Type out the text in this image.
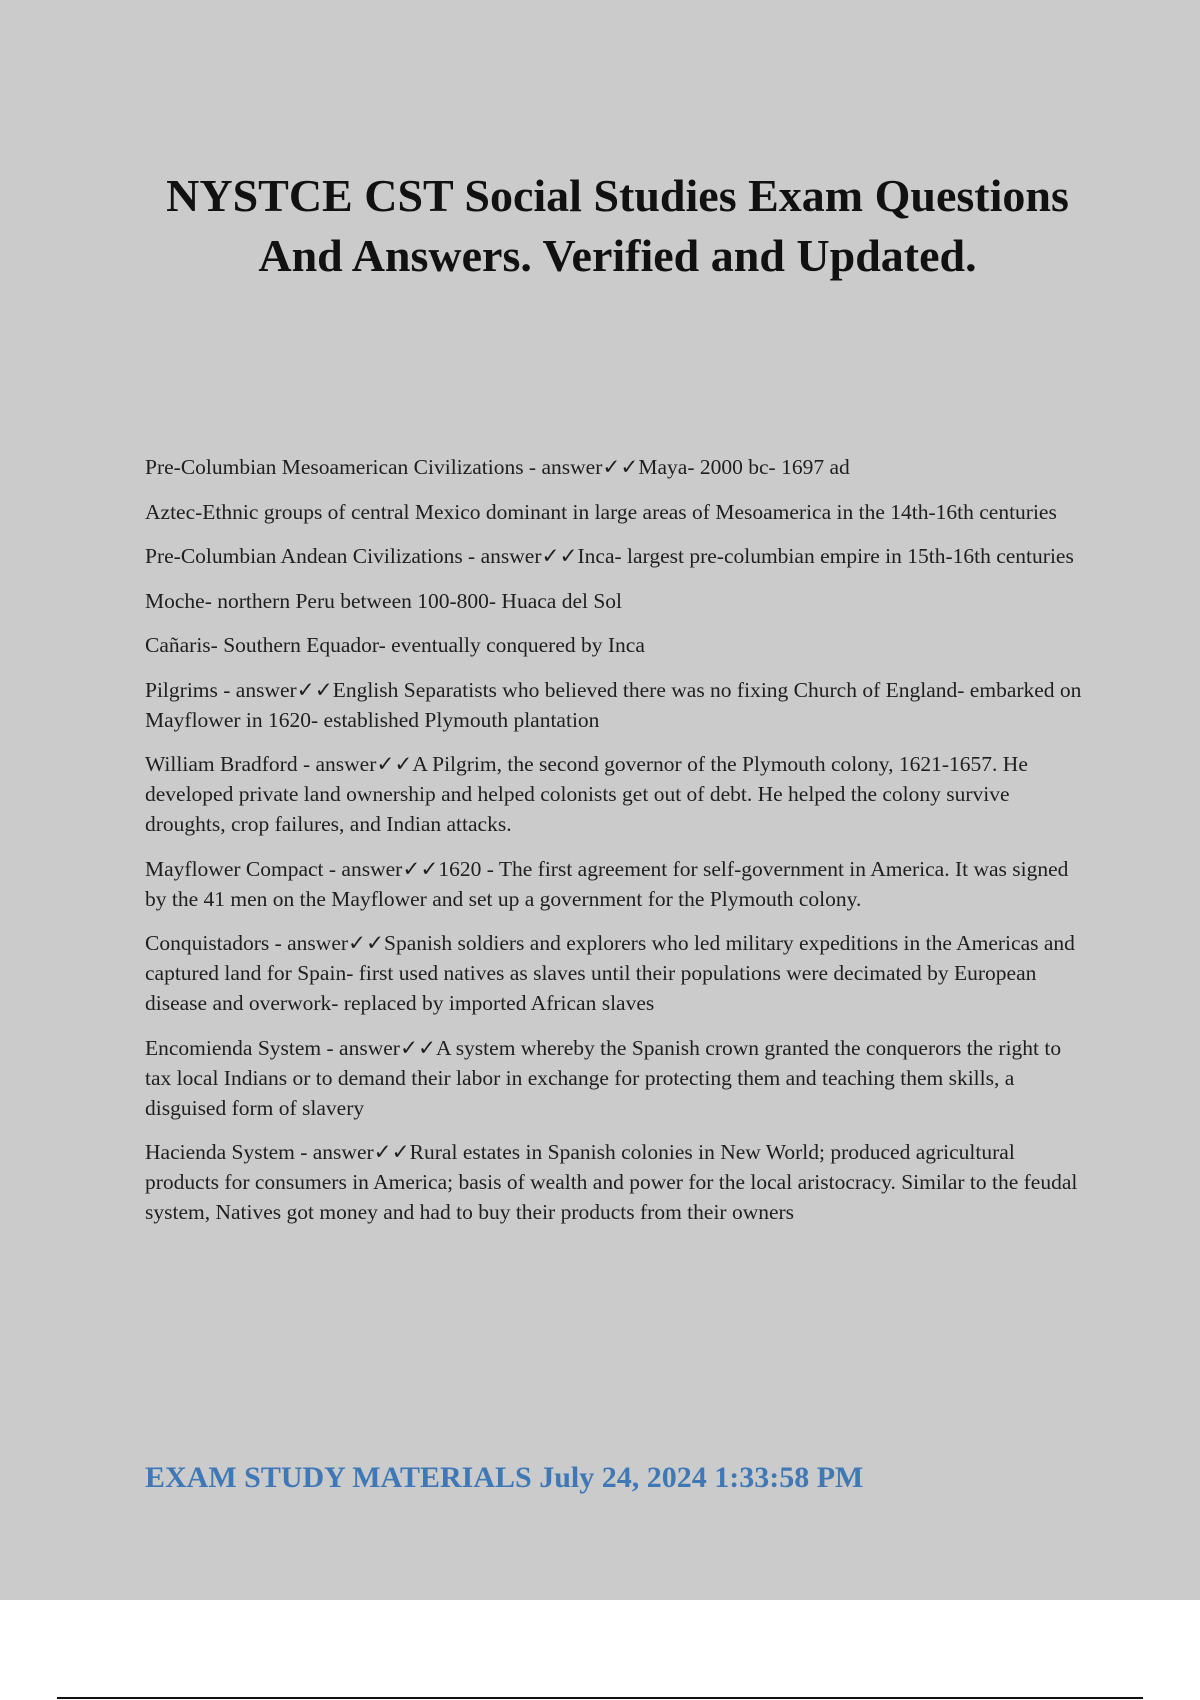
NYSTCE CST Social Studies Exam Questions And Answers. Verified and Updated.

Pre-Columbian Mesoamerican Civilizations - answer✓✓Maya- 2000 bc- 1697 ad

Aztec-Ethnic groups of central Mexico dominant in large areas of Mesoamerica in the 14th-16th centuries

Pre-Columbian Andean Civilizations - answer✓✓Inca- largest pre-columbian empire in 15th-16th centuries

Moche- northern Peru between 100-800- Huaca del Sol

Cañaris- Southern Equador- eventually conquered by Inca

Pilgrims - answer✓✓English Separatists who believed there was no fixing Church of England- embarked on Mayflower in 1620- established Plymouth plantation

William Bradford - answer✓✓A Pilgrim, the second governor of the Plymouth colony, 1621-1657. He developed private land ownership and helped colonists get out of debt. He helped the colony survive droughts, crop failures, and Indian attacks.

Mayflower Compact - answer✓✓1620 - The first agreement for self-government in America. It was signed by the 41 men on the Mayflower and set up a government for the Plymouth colony.

Conquistadors - answer✓✓Spanish soldiers and explorers who led military expeditions in the Americas and captured land for Spain- first used natives as slaves until their populations were decimated by European disease and overwork- replaced by imported African slaves

Encomienda System - answer✓✓A system whereby the Spanish crown granted the conquerors the right to tax local Indians or to demand their labor in exchange for protecting them and teaching them skills, a disguised form of slavery

Hacienda System - answer✓✓Rural estates in Spanish colonies in New World; produced agricultural products for consumers in America; basis of wealth and power for the local aristocracy. Similar to the feudal system, Natives got money and had to buy their products from their owners

EXAM STUDY MATERIALS July 24, 2024 1:33:58 PM
